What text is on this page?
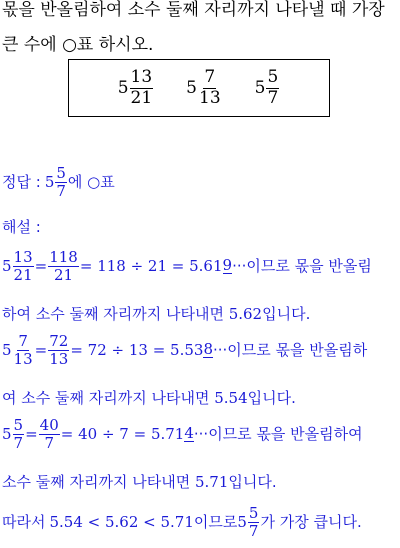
몫을 반올림하여 소수 둘째 자리까지 나타낼 때 가장
큰 수에 ○표 하시오.
$5 \frac{13}{21} 5 \frac{7}{13} 5 \frac{5}{7}$
정답 : $5 \frac{5}{7}$ 에 ○표
해설 :
$5 \frac{13}{21} = \frac{118}{21} = 118 \div 21 = 5.61$ 9 ···이므로 몫을 반올림
하여 소수 둘째 자리까지 나타내면 5.62입니다.
$5 \frac{7}{13} = \frac{72}{13} = 72 \div 13 = 5.53$ 8 ···이므로 몫을 반올림하
여 소수 둘째 자리까지 나타내면 5.54입니다.
$5 \frac{5}{7} = \frac{40}{7} = 40 \div 7 = 5.71$ 4 ···이므로 몫을 반올림하여
소수 둘째 자리까지 나타내면 5.71입니다.
따라서 5.54 < 5.62 < 5.71 이므로 $5 \frac{5}{7}$ 가 가장 큽니다.
